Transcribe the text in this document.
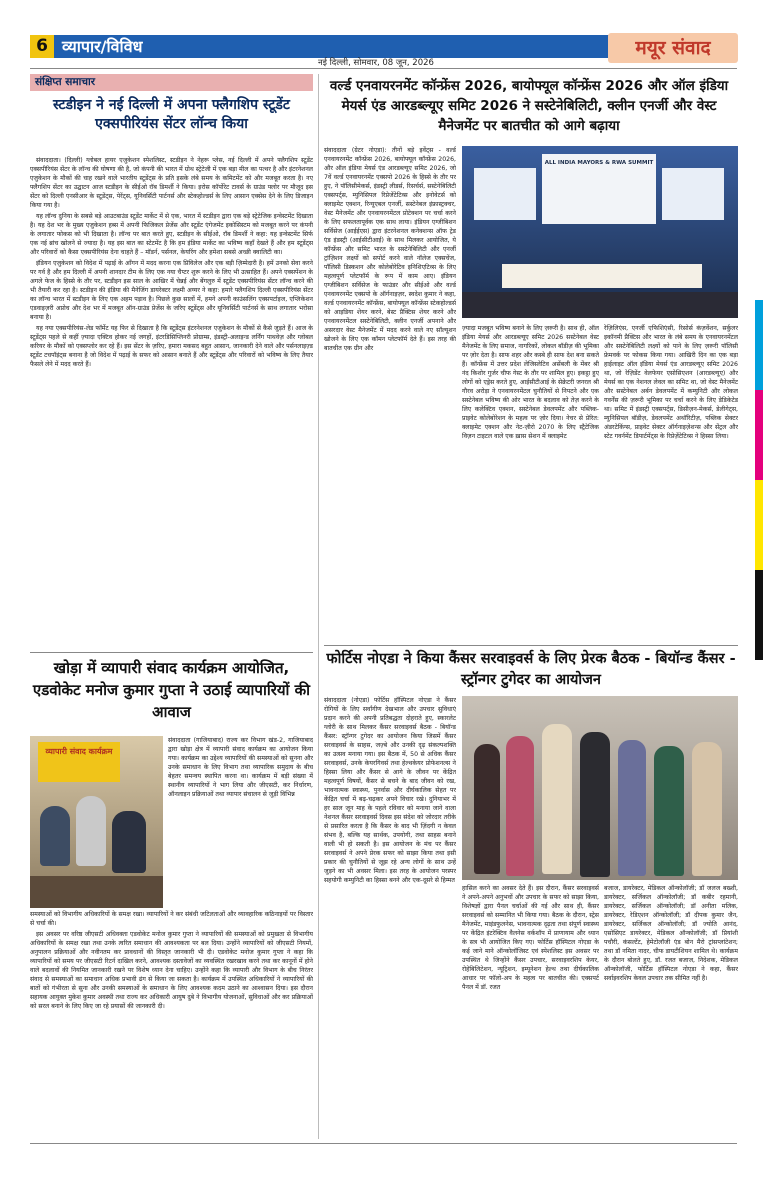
6 व्यापार/विविध
नई दिल्ली, सोमवार, 08 जून, 2026
मयूर संवाद
संक्षिप्त समाचार
स्टडीइन ने नई दिल्ली में अपना फ्लैगशिप स्टूडेंट एक्सपीरियंस सेंटर लॉन्च किया

संवाददाता। (दिल्ली) ग्लोबल हायर एजुकेशन स्पेशलिस्ट, स्टडीइन ने नेहरू प्लेस, नई दिल्ली में अपने फ्लैगशिप स्टूडेंट एक्सपीरियंस सेंटर के लॉन्च की घोषणा की है, जो कंपनी की भारत में ग्रोथ स्ट्रेटेजी में एक बड़ा मील का पत्थर है और इंटरनेशनल एजुकेशन के मौकों की चाह रखने वाले भारतीय स्टूडेंट्स के प्रति इसके लंबे समय के कमिटमेंट को और मजबूत करता है। नए फ्लैगशिप सेंटर का उद्घाटन आज स्टडीइन के सीईओ रॉब डिमर्शी ने किया। इरोस कॉर्पोरेट टावर्स के ग्राउंड फ्लोर पर मौजूद इस सेंटर को दिल्ली एनसीआर के स्टूडेंट्स, पेरेंट्स, यूनिवर्सिटी पार्टनर्स और स्टेकहोल्डर्स के लिए आसान एक्सेस देने के लिए डिजाइन किया गया है।

यह लॉन्च दुनिया के सबसे बड़े आउटबाउंड स्टूडेंट मार्केट में से एक, भारत में स्टडीइन द्वारा एक बड़े स्ट्रेटेजिक इन्वेस्टमेंट दिखाता है। यह देश भर के मुख्य एजुकेशन हब्स में अपनी फिजिकल प्रेजेंस और स्टूडेंट एंगेजमेंट इकोसिस्टम को मजबूत करने पर कंपनी के लगातार फोकस को भी दिखाता है। लॉन्च पर बात करते हुए, स्टडीइन के सीईओ, रॉब डिमर्शी ने कहा: यह इन्वेस्टमेंट सिर्फ एक नई ब्रांच खोलने से ज्यादा है। यह इस बात का स्टेटमेंट है कि हम इंडिया मार्केट का भविष्य कहाँ देखते हैं और हम स्टूडेंट्स और परिवारों को कैसा एक्सपीरियंस देना चाहते हैं – मॉडर्न, पर्सनल, केयरिंग और हमेशा सबसे अच्छी क्वालिटी का।

इंडियन एजुकेशन को विदेश में पढ़ाई के आँगन में मदद करना एक प्रिविलेज और एक बड़ी ज़िम्मेदारी है। हमें उनको सेवा करने पर गर्व है और हम दिल्ली में अपनी शानदार टीम के लिए एक नया चैप्टर शुरू करने के लिए भी उत्साहित हैं। अपने एक्सपेंशन के अगले फेज के हिस्से के तौर पर, स्टडीइन इस साल के आखिर में चेन्नई और बेंगलुरु में स्टूडेंट एक्सपीरियंस सेंटर लॉन्च करने की भी तैयारी कर रहा है। स्टडीइन की इंडिया की मैनेजिंग डायरेक्टर लक्ष्मी अय्यर ने कहा: हमारे फ्लैगशिप दिल्ली एक्सपीरियंस सेंटर का लॉन्च भारत में स्टडीइन के लिए एक अहम पड़ाव है। पिछले कुछ सालों में, हमने अपनी काउंसलिंग एक्सपर्टाइज, एप्लिकेशन एडवाइज़री अप्रोच और देश भर में मजबूत ऑन-ग्राउंड प्रेजेंस के जरिए स्टूडेंट्स और यूनिवर्सिटी पार्टनर्स के साथ लगातार भरोसा बनाया है।

यह नया एक्सपीरियंस-लेड फॉर्मेट यह फिर से दिखाता है कि स्टूडेंट्स इंटरनेशनल एजुकेशन के मौकों से कैसे जुड़ते हैं। आज के स्टूडेंट्स पहले से कहीं ज़्यादा एक्टिव होकर नई जगहों, इंटरडिसिप्लिनरी प्रोग्राम्स, इंडस्ट्री-अलाइन्ड लर्निंग पाथवेज़ और ग्लोबल करियर के मौकों को एक्सप्लोर कर रहे हैं। इस सेंटर के ज़रिए, हमारा मकसद बहुत आसान, जानकारी देने वाले और पर्सनलाइज़्ड स्टूडेंट टचपॉइंट्स बनाना है जो विदेश में पढ़ाई के सफर को आसान बनाते हैं और स्टूडेंट्स और परिवारों को भविष्य के लिए तैयार फैसले लेने में मदद करते हैं।

खोड़ा में व्यापारी संवाद कार्यक्रम आयोजित, एडवोकेट मनोज कुमार गुप्ता ने उठाई व्यापारियों की आवाज
व्यापारी संवाद कार्यक्रम

संवाददाता (गाजियाबाद) राज्य कर विभाग खंड-2, गाजियाबाद द्वारा खोड़ा क्षेत्र में व्यापारी संवाद कार्यक्रम का आयोजन किया गया। कार्यक्रम का उद्देश्य व्यापारियों की समस्याओं को सुनना और उनके समाधान के लिए विभाग तथा व्यापारिक समुदाय के बीच बेहतर समन्वय स्थापित करना था। कार्यक्रम में बड़ी संख्या में स्थानीय व्यापारियों ने भाग लिया और जीएसटी, कर निर्धारण, ऑनलाइन प्रक्रियाओं तथा व्यापार संचालन से जुड़ी विभिन्न

समस्याओं को विभागीय अधिकारियों के समक्ष रखा। व्यापारियों ने कर संबंधी जटिलताओं और व्यावहारिक कठिनाइयों पर विस्तार से चर्चा की।

इस अवसर पर वरिष्ठ जीएसटी अधिवक्ता एडवोकेट मनोज कुमार गुप्ता ने व्यापारियों की समस्याओं को प्रमुखता से विभागीय अधिकारियों के समक्ष रखा तथा उनके त्वरित समाधान की आवश्यकता पर बल दिया। उन्होंने व्यापारियों को जीएसटी नियमों, अनुपालन प्रक्रियाओं और नवीनतम कर प्रावधानों की विस्तृत जानकारी भी दी। एडवोकेट मनोज कुमार गुप्ता ने कहा कि व्यापारियों को समय पर जीएसटी रिटर्न दाखिल करने, आवश्यक दस्तावेजों का व्यवस्थित रखरखाव करने तथा कर कानूनों में होने वाले बदलावों की नियमित जानकारी रखने पर विशेष ध्यान देना चाहिए। उन्होंने कहा कि व्यापारी और विभाग के बीच निरंतर संवाद से समस्याओं का समाधान अधिक प्रभावी ढंग से किया जा सकता है। कार्यक्रम में उपस्थित अधिकारियों ने व्यापारियों की बातों को गंभीरता से सुना और उनकी समस्याओं के समाधान के लिए आवश्यक कदम उठाने का आश्वासन दिया। इस दौरान सहायक आयुक्त मुकेश कुमार अवस्थी तथा राज्य कर अधिकारी आयुष दुबे ने विभागीय योजनाओं, सुविधाओं और कर प्रक्रियाओं को सरल बनाने के लिए किए जा रहे प्रयासों की जानकारी दी।

वर्ल्ड एनवायरनमेंट कॉन्फ्रेंस 2026, बायोफ्यूल कॉन्फ्रेंस 2026 और ऑल इंडिया मेयर्स एंड आरडब्ल्यूए समिट 2026 ने सस्टेनेबिलिटी, क्लीन एनर्जी और वेस्ट मैनेजमेंट पर बातचीत को आगे बढ़ाया

संवाददाता (ग्रेटर नोएडा): तीनों बड़े इवेंट्स - वर्ल्ड एनवायरनमेंट कॉन्फ्रेंस 2026, बायोफ्यूल कॉन्फ्रेंस 2026, और ऑल इंडिया मेयर्स एंड आरडब्ल्यूए समिट 2026, जो 7वें वर्ल्ड एनवायरनमेंट एक्सपो 2026 के हिस्से के तौर पर हुए, ने पॉलिसीमेकर्स, इंडस्ट्री लीडर्स, रिसर्चर्स, सस्टेनेबिलिटी एक्सपर्ट्स, म्युनिसिपल रिप्रेजेंटेटिव्स और इनोवेटर्स को क्लाइमेट एक्शन, रिन्यूएबल एनर्जी, सस्टेनेबल इंफ्रास्ट्रक्चर, वेस्ट मैनेजमेंट और एनवायरनमेंटल प्रोटेक्शन पर चर्चा करने के लिए सफलतापूर्वक एक साथ लाया। इंडियन एग्जीबिशन सर्विसेज (आईईएस) द्वारा इंटरनेशनल कनेक्शन्स ऑफ ट्रेड एंड इंडस्ट्री (आईसीटीआई) के साथ मिलकर आयोजित, ये कॉन्फ्रेंस और समिट भारत के सस्टेनेबिलिटी और एनर्जी ट्रांज़िशन लक्ष्यों को सपोर्ट करने वाले नॉलेज एक्सचेंज, पॉलिसी डिस्कशन और कोलेबोरेटिव इनिशिएटिव्स के लिए महत्वपूर्ण प्लेटफॉर्म के रूप में काम आए। इंडियन एग्जीबिशन सर्विसेज के फाउंडर और सीईओ और वर्ल्ड एनवायरनमेंट एक्सपो के ऑर्गनाइज़र, स्वदेश कुमार ने कहा, वर्ल्ड एनवायरनमेंट कॉन्फ्रेंस, बायोफ्यूल कॉन्फ्रेंस स्टेकहोल्डर्स को आइडिया शेयर करने, बेस्ट प्रैक्टिस शेयर करने और एनवायरनमेंटल सस्टेनेबिलिटी, क्लीन एनर्जी अपनाने और असरदार वेस्ट मैनेजमेंट में मदद करने वाले नए सॉल्यूशन खोजने के लिए एक कॉमन प्लेटफॉर्म देते हैं। इस तरह की बातचीत एक ग्रीन और

ALL INDIA MAYORS & RWA SUMMIT

ज़्यादा मजबूत भविष्य बनाने के लिए ज़रूरी है। साथ ही, ऑल इंडिया मेयर्स और आरडब्ल्यूए समिट 2026 सस्टेनेबल वेस्ट मैनेजमेंट के लिए समाज, नागरिकों, लोकल बॉडीज़ की भूमिका पर ज़ोर देता है। साफ शहर और कस्बे ही साफ देश बना सकते हैं। कॉन्फ्रेंस में उत्तर प्रदेश लेजिस्लेटिव असेंबली के मेंबर श्री नंद किशोर गुर्जर चीफ गेस्ट के तौर पर शामिल हुए। इकट्ठा हुए लोगों को एड्रेस करते हुए, आईसीटीआई के सेक्रेटरी जनरल श्री गौरव अरोड़ा ने एनवायरनमेंटल चुनौतियों से निपटने और एक सस्टेनेबल भविष्य की ओर भारत के बदलाव को तेज़ करने के लिए कलेक्टिव एक्शन, सस्टेनेबल डेवलपमेंट और पब्लिक-प्राइवेट कोलेबोरेशन के महत्व पर ज़ोर दिया। नेचर से प्रेरित: क्लाइमेट एक्शन और नेट-ज़ीरो 2070 के लिए स्ट्रैटेजिक विज़न टाइटल वाले एक ख़ास सेशन में क्लाइमेट

रेज़िलिएंस, एनर्जी एफिशिएंसी, रिसोर्स कंज़र्वेशन, सर्कुलर इकॉनमी प्रैक्टिस और भारत के लंबे समय के एनवायरनमेंटल और सस्टेनेबिलिटी लक्ष्यों को पाने के लिए ज़रूरी पॉलिसी फ्रेमवर्क पर फोकस किया गया। आखिरी दिन का एक बड़ा हाईलाइट ऑल इंडिया मेयर्स एंड आरडब्ल्यूए समिट 2026 था, जो रेज़िडेंट वेलफेयर एसोसिएशन (आरडब्ल्यूए) और मेयर्स का एक नेशनल लेवल का समिट था, जो वेस्ट मैनेजमेंट और सस्टेनेबल अर्बन डेवलपमेंट में कम्युनिटी और लोकल गवर्नेंस की ज़रूरी भूमिका पर चर्चा करने के लिए डेडिकेटेड था। समिट में इंडस्ट्री एक्सपर्ट्स, डिसीज़न-मेकर्स, डेलीगेट्स, म्युनिसिपल बॉडीज़, डेवलपमेंट अथॉरिटीज़, पब्लिक सेक्टर अंडरटेकिंग्स, प्राइवेट सेक्टर ऑर्गनाइज़ेशन्स और सेंट्रल और स्टेट गवर्नमेंट डिपार्टमेंट्स के रिप्रेज़ेंटेटिव्स ने हिस्सा लिया।

फोर्टिस नोएडा ने किया कैंसर सरवाइवर्स के लिए प्रेरक बैठक - बियॉन्ड कैंसर - स्ट्रॉन्गर टुगेदर का आयोजन

संवाददाता (नोएडा) फोर्टिस हॉस्पिटल नोएडा ने कैंसर रोगियों के लिए सर्वांगीण देखभाल और उपचार सुविधाएं प्रदान करने की अपनी प्रतिबद्धता दोहराते हुए, स्कारलेट ग्लोरी के साथ मिलकर कैंसर सरवाइवर्स बैठक - बियॉन्ड कैंसर: स्ट्रॉन्गर टुगेदर का आयोजन किया जिसमें कैंसर सरवाइवर्स के साहस, जज़्बे और उनकी दृढ़ संकल्पशक्ति का उत्सव मनाया गया। इस बैठक में, 50 से अधिक कैंसर सरवाइवर्स, उनके केयरगिवर्स तथा हेल्थकेयर प्रोफेशनल्स ने हिस्सा लिया और कैंसर से आगे के जीवन पर केंद्रित महत्वपूर्ण विषयों, कैंसर से बचने के बाद जीवन को रख, भावनात्मक स्वास्थ्य, पुनर्वास और दीर्घकालिक सेहत पर केंद्रित चर्चा में बढ़-चढ़कर अपने विचार रखे। दुनियाभर में हर साल जून माह के पहले रविवार को मनाया जाने वाला नेशनल कैंसर सरवाइवर्स दिवस इस संदेश को जोरदार तरीके से प्रसारित करता है कि कैंसर के बाद भी ज़िंदगी न केवल संभव है, बल्कि यह सार्थक, उपयोगी, तथा साहस बनाने वाली भी हो सकती है। इस आयोजन के मंच पर कैंसर सरवाइवर्स ने अपने प्रेरक सफर को साझा किया तथा इसी प्रकार की चुनौतियों से जूझ रहे अन्य लोगों के साथ उन्हें जुड़ने का भी अवसर मिला। इस तरह के आयोजन परस्पर सहयोगी कम्युनिटी का हिस्सा बनने और एक-दूसरे से हिम्मत

हासिल करने का अवसर देते हैं। इस दौरान, कैंसर सरवाइवर्स ने अपने-अपने अनुभवों और उपचार के सफर को साझा किया, विशेषज्ञों द्वारा पैनल चर्चाओं की गई और साथ ही, कैंसर सरवाइवर्स को सम्मानित भी किया गया। बैठक के दौरान, स्ट्रेस मैनेजमेंट, माइंडफुलनेस, भावनात्मक दृढ़ता तथा संपूर्ण स्वास्थ्य पर केंद्रित इंटरेक्टिव वैलनेस वर्कशॉप में प्राणायाम और ध्यान के सत्र भी आयोजित किए गए। फोर्टिस हॉस्पिटल नोएडा के कई जाने माने ऑन्कोलॉजिस्ट एवं स्पेशलिस्ट इस अवसर पर उपस्थित थे जिन्होंने कैंसर उपचार, सरवाइवरशिप केयर, रोहेबिलिटेशन, न्यूट्रिशन, इम्यूनेशन हेल्थ तथा दीर्घकालिक आधार पर फॉलो-अप के महत्व पर बातचीत की। एक्सपर्ट पैनल में डॉ. रजत

बजाज, डायरेक्टर, मेडिकल ऑन्कोलॉजी; डॉ जलज बख्शी, डायरेक्टर, सर्जिकल ऑन्कोलॉजी; डॉ कबीर रहमानी, डायरेक्टर, सर्जिकल ऑन्कोलॉजी; डॉ अनीता मलिक, डायरेक्टर, रेडिएशन ऑन्कोलॉजी; डॉ दीपक कुमार जैन, डायरेक्टर, सर्जिकल ऑन्कोलॉजी; डॉ ज्योति आनंद, एसोसिएट डायरेक्टर, मेडिकल ऑन्कोलॉजी; डॉ प्रियांशी पचौरी, कंसल्टेंट, हेमेटोलॉजी एंड बोन मैरो ट्रांसप्लांटेशन; तथा डॉ नमिता नादर, चीफ डायटीशियन शामिल थे। कार्यक्रम के दौरान बोलते हुए, डॉ. रजत बजाज, निदेशक, मेडिकल ऑन्कोलॉजी, फोर्टिस हॉस्पिटल नोएडा ने कहा, कैंसर सर्वाइवरशिप केवल उपचार तक सीमित नहीं है।
